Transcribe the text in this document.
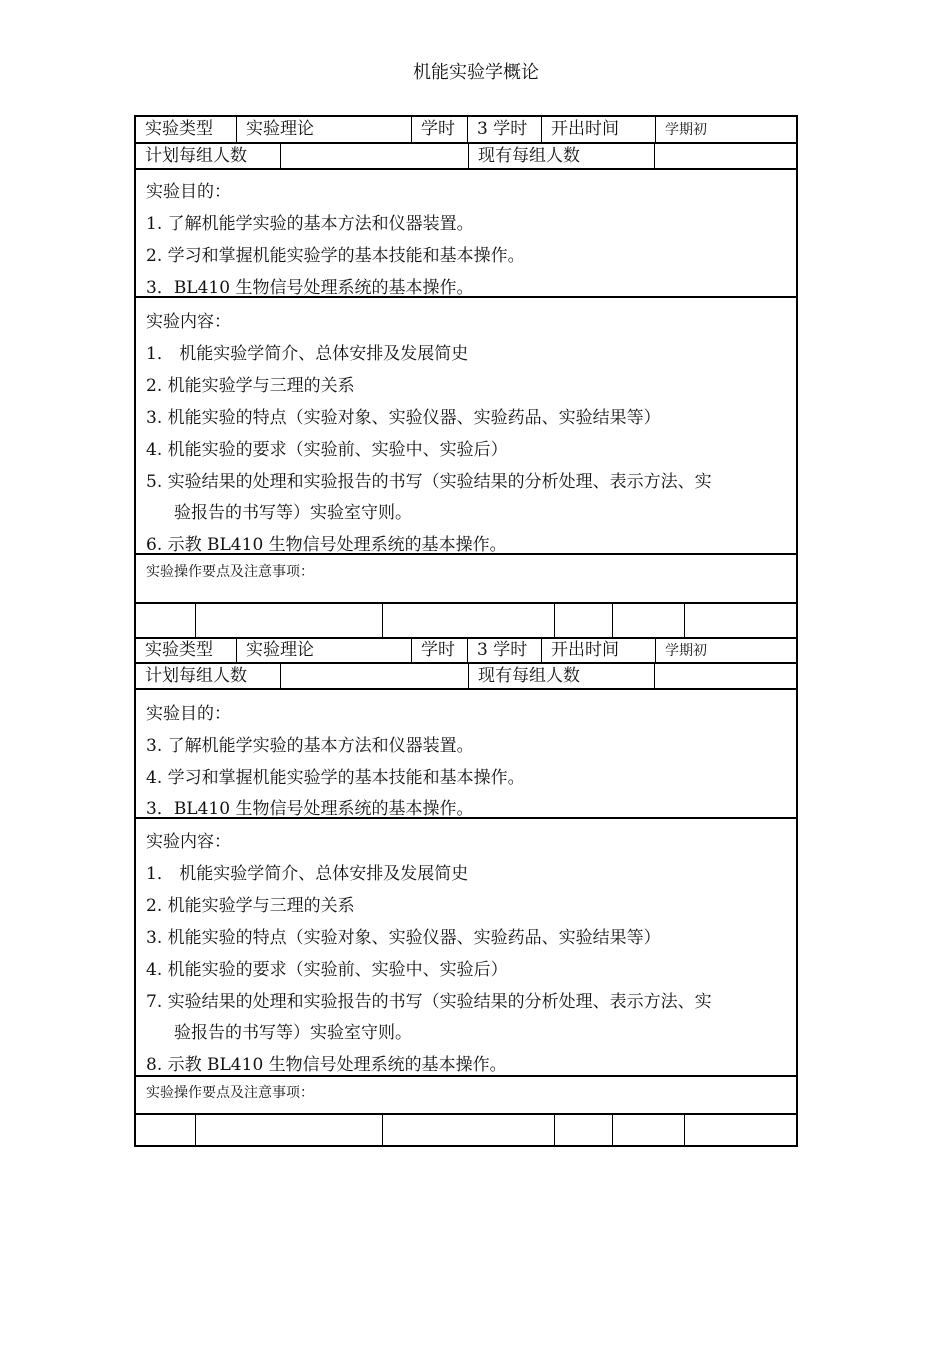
机能实验学概论
实验类型	实验理论	学时	3 学时	开出时间	学期初
计划每组人数	现有每组人数
实验目的：
1. 了解机能学实验的基本方法和仪器装置。
2. 学习和掌握机能实验学的基本技能和基本操作。
3．BL410 生物信号处理系统的基本操作。
实验内容：
1． 机能实验学简介、总体安排及发展简史
2. 机能实验学与三理的关系
3. 机能实验的特点（实验对象、实验仪器、实验药品、实验结果等）
4. 机能实验的要求（实验前、实验中、实验后）
5. 实验结果的处理和实验报告的书写（实验结果的分析处理、表示方法、实
验报告的书写等）实验室守则。
6. 示教 BL410 生物信号处理系统的基本操作。
实验操作要点及注意事项：
实验类型	实验理论	学时	3 学时	开出时间	学期初
计划每组人数	现有每组人数
实验目的：
3. 了解机能学实验的基本方法和仪器装置。
4. 学习和掌握机能实验学的基本技能和基本操作。
3．BL410 生物信号处理系统的基本操作。
实验内容：
1． 机能实验学简介、总体安排及发展简史
2. 机能实验学与三理的关系
3. 机能实验的特点（实验对象、实验仪器、实验药品、实验结果等）
4. 机能实验的要求（实验前、实验中、实验后）
7. 实验结果的处理和实验报告的书写（实验结果的分析处理、表示方法、实
验报告的书写等）实验室守则。
8. 示教 BL410 生物信号处理系统的基本操作。
实验操作要点及注意事项：
